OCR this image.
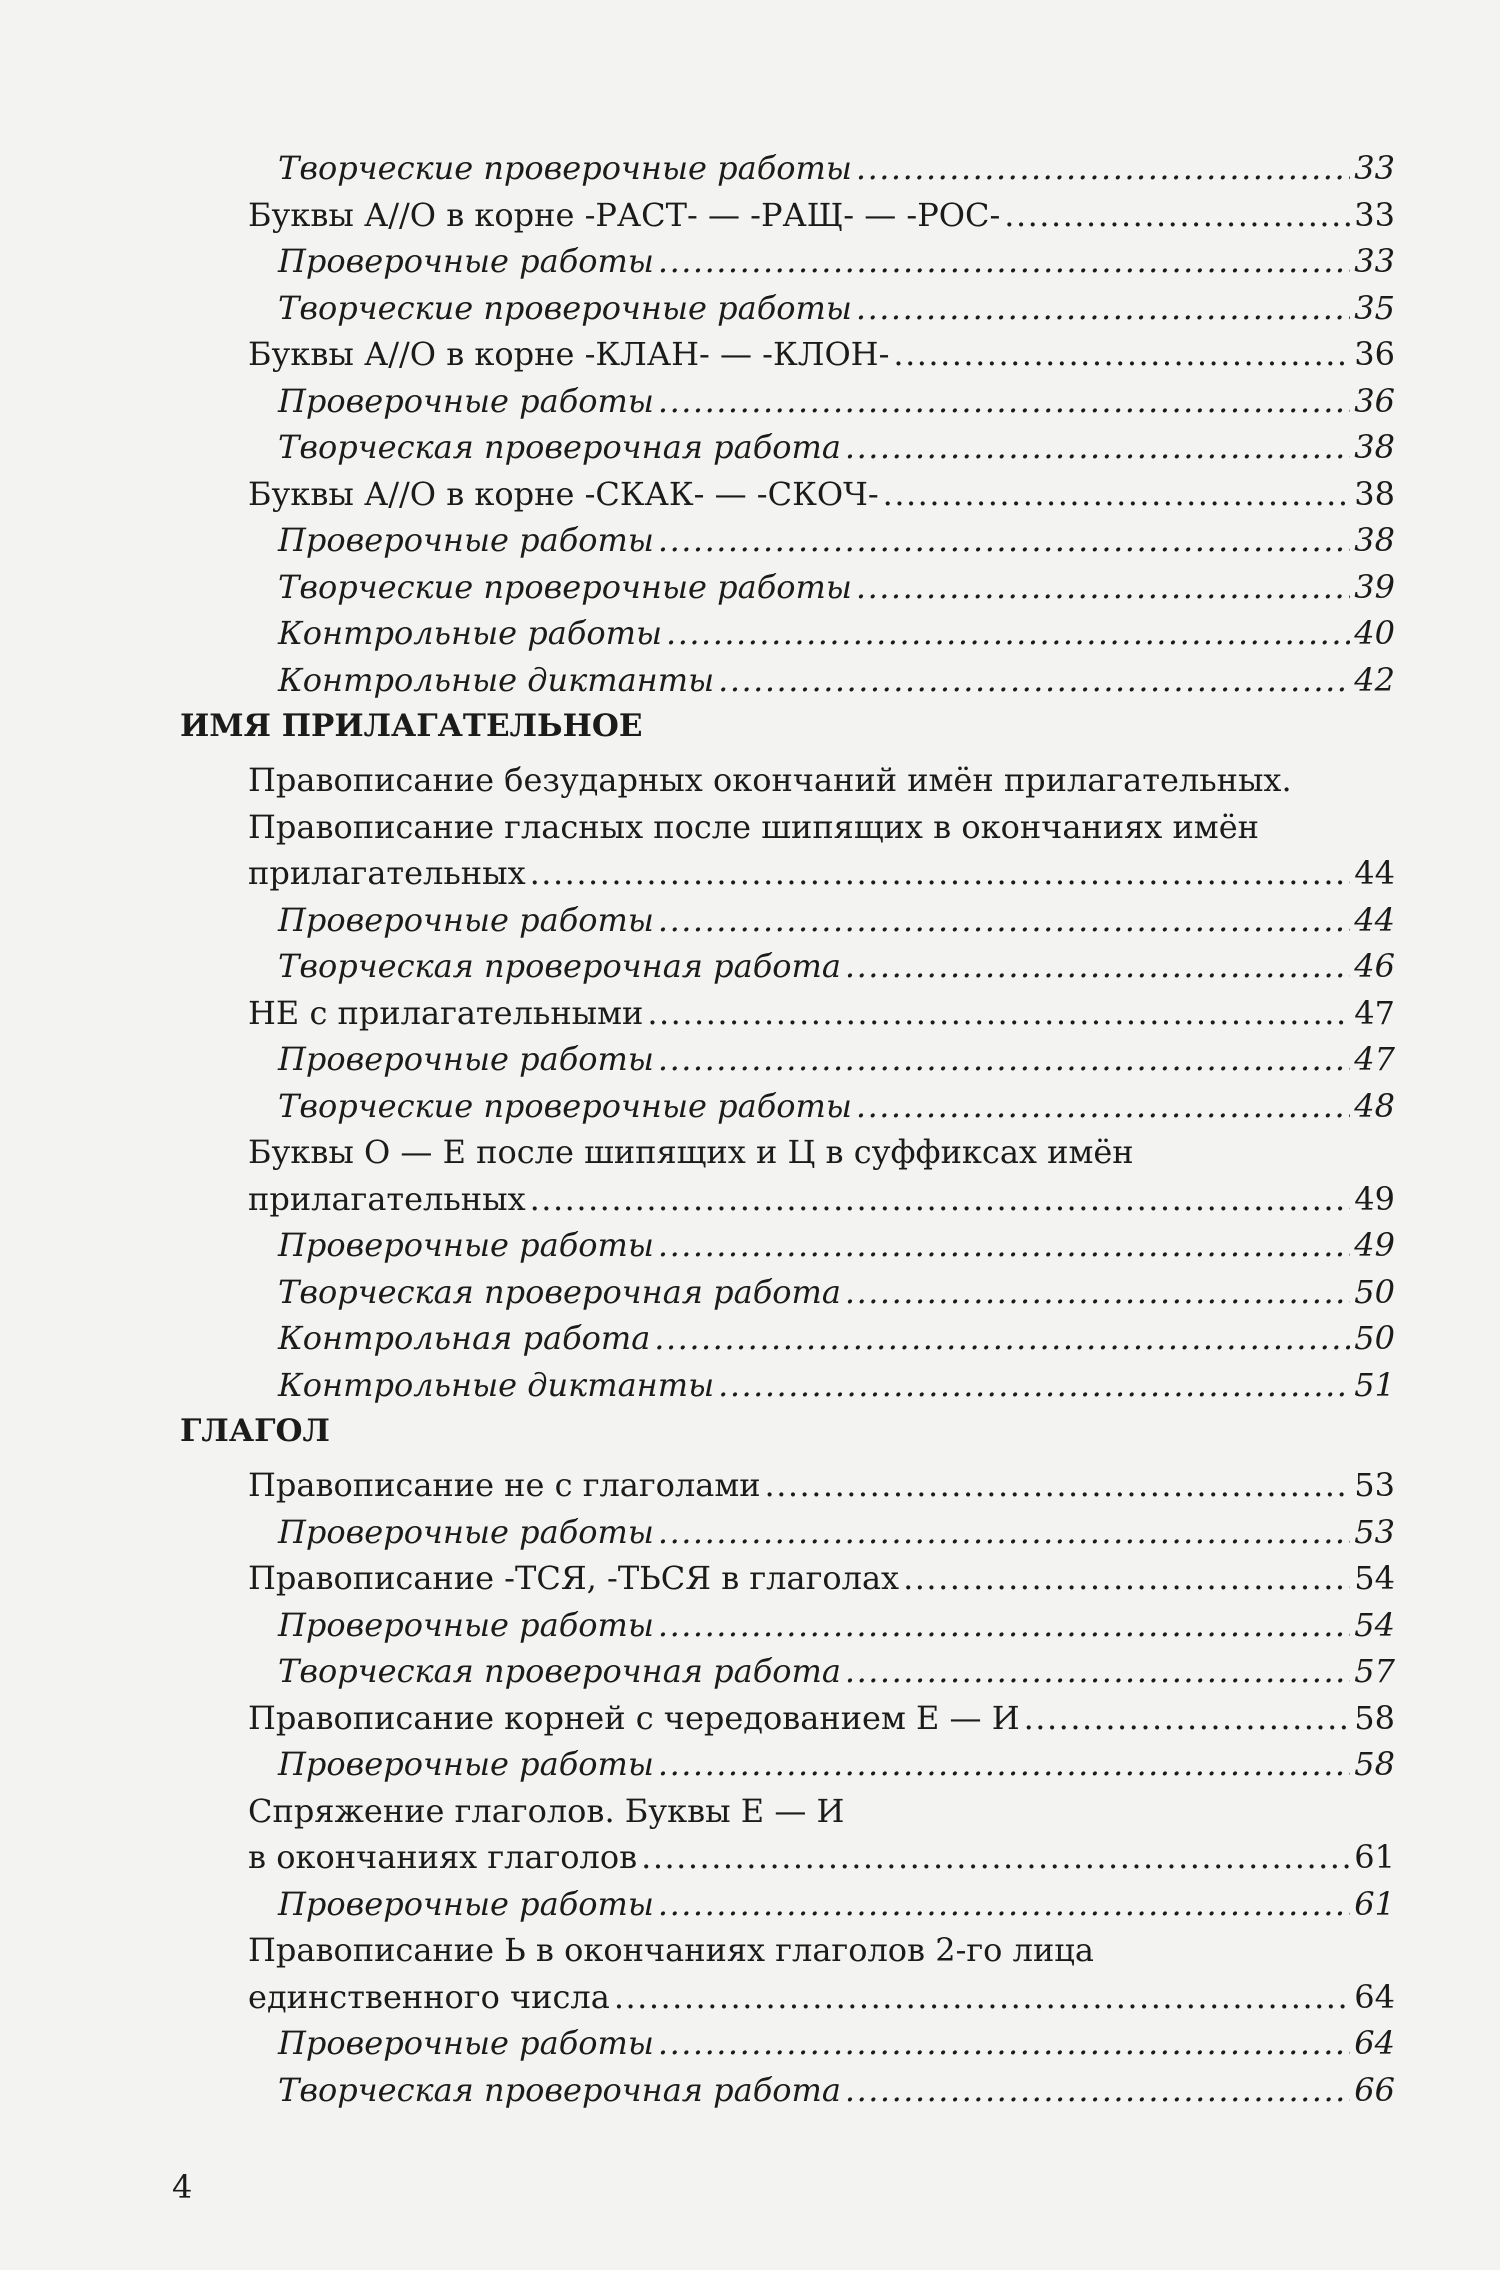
Творческие проверочные работы .....	33
Буквы А//О в корне -РАСТ- — -РАЩ- — -РОС- .....	33
Проверочные работы .....	33
Творческие проверочные работы .....	35
Буквы А//О в корне -КЛАН- — -КЛОН- .....	36
Проверочные работы .....	36
Творческая проверочная работа .....	38
Буквы А//О в корне -СКАК- — -СКОЧ- .....	38
Проверочные работы .....	38
Творческие проверочные работы .....	39
Контрольные работы .....	40
Контрольные диктанты .....	42
ИМЯ ПРИЛАГАТЕЛЬНОЕ
Правописание безударных окончаний имён прилагательных.
Правописание гласных после шипящих в окончаниях имён
прилагательных .....	44
Проверочные работы .....	44
Творческая проверочная работа .....	46
НЕ с прилагательными .....	47
Проверочные работы .....	47
Творческие проверочные работы .....	48
Буквы О — Е после шипящих и Ц в суффиксах имён
прилагательных .....	49
Проверочные работы .....	49
Творческая проверочная работа .....	50
Контрольная работа .....	50
Контрольные диктанты .....	51
ГЛАГОЛ
Правописание не с глаголами .....	53
Проверочные работы .....	53
Правописание -ТСЯ, -ТЬСЯ в глаголах .....	54
Проверочные работы .....	54
Творческая проверочная работа .....	57
Правописание корней с чередованием Е — И .....	58
Проверочные работы .....	58
Спряжение глаголов. Буквы Е — И
в окончаниях глаголов .....	61
Проверочные работы .....	61
Правописание Ь в окончаниях глаголов 2-го лица
единственного числа .....	64
Проверочные работы .....	64
Творческая проверочная работа .....	66
4
